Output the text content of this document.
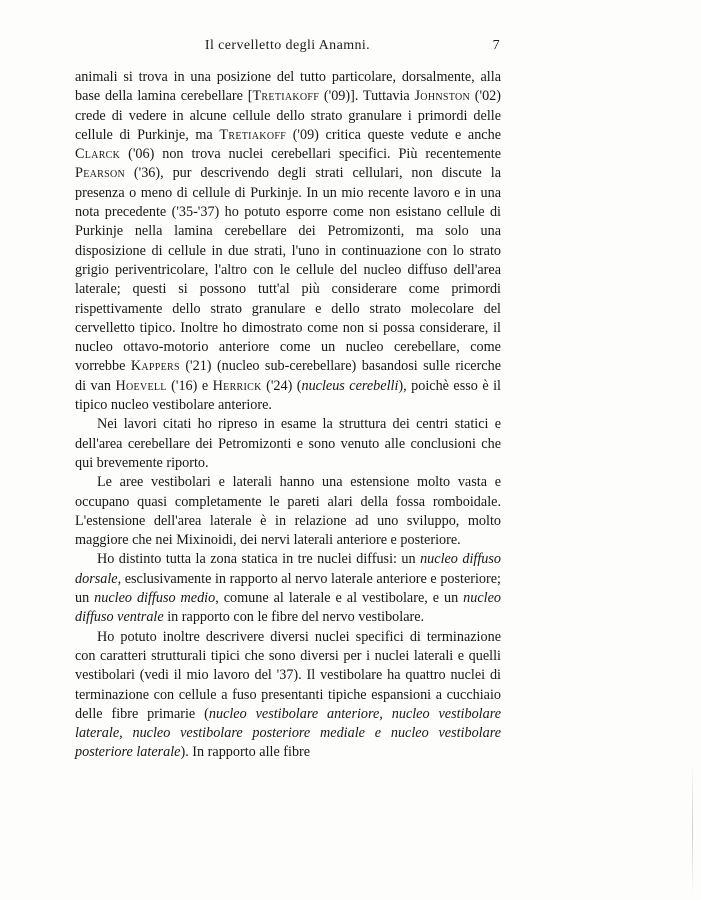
Il cervelletto degli Anamni.	7

animali si trova in una posizione del tutto particolare, dorsalmente, alla base della lamina cerebellare [Tretiakoff ('09)]. Tuttavia Johnston ('02) crede di vedere in alcune cellule dello strato granulare i primordi delle cellule di Purkinje, ma Tretiakoff ('09) critica queste vedute e anche Clarck ('06) non trova nuclei cerebellari specifici. Più recentemente Pearson ('36), pur descrivendo degli strati cellulari, non discute la presenza o meno di cellule di Purkinje. In un mio recente lavoro e in una nota precedente ('35-'37) ho potuto esporre come non esistano cellule di Purkinje nella lamina cerebellare dei Petromizonti, ma solo una disposizione di cellule in due strati, l'uno in continuazione con lo strato grigio periventricolare, l'altro con le cellule del nucleo diffuso dell'area laterale; questi si possono tutt'al più considerare come primordi rispettivamente dello strato granulare e dello strato molecolare del cervelletto tipico. Inoltre ho dimostrato come non si possa considerare, il nucleo ottavo-motorio anteriore come un nucleo cerebellare, come vorrebbe Kappers ('21) (nucleo sub-cerebellare) basandosi sulle ricerche di van Hoevell ('16) e Herrick ('24) (nucleus cerebelli), poichè esso è il tipico nucleo vestibolare anteriore.

Nei lavori citati ho ripreso in esame la struttura dei centri statici e dell'area cerebellare dei Petromizonti e sono venuto alle conclusioni che qui brevemente riporto.

Le aree vestibolari e laterali hanno una estensione molto vasta e occupano quasi completamente le pareti alari della fossa romboidale. L'estensione dell'area laterale è in relazione ad uno sviluppo, molto maggiore che nei Mixinoidi, dei nervi laterali anteriore e posteriore.

Ho distinto tutta la zona statica in tre nuclei diffusi: un nucleo diffuso dorsale, esclusivamente in rapporto al nervo laterale anteriore e posteriore; un nucleo diffuso medio, comune al laterale e al vestibolare, e un nucleo diffuso ventrale in rapporto con le fibre del nervo vestibolare.

Ho potuto inoltre descrivere diversi nuclei specifici di terminazione con caratteri strutturali tipici che sono diversi per i nuclei laterali e quelli vestibolari (vedi il mio lavoro del '37). Il vestibolare ha quattro nuclei di terminazione con cellule a fuso presentanti tipiche espansioni a cucchiaio delle fibre primarie (nucleo vestibolare anteriore, nucleo vestibolare laterale, nucleo vestibolare posteriore mediale e nucleo vestibolare posteriore laterale). In rapporto alle fibre
